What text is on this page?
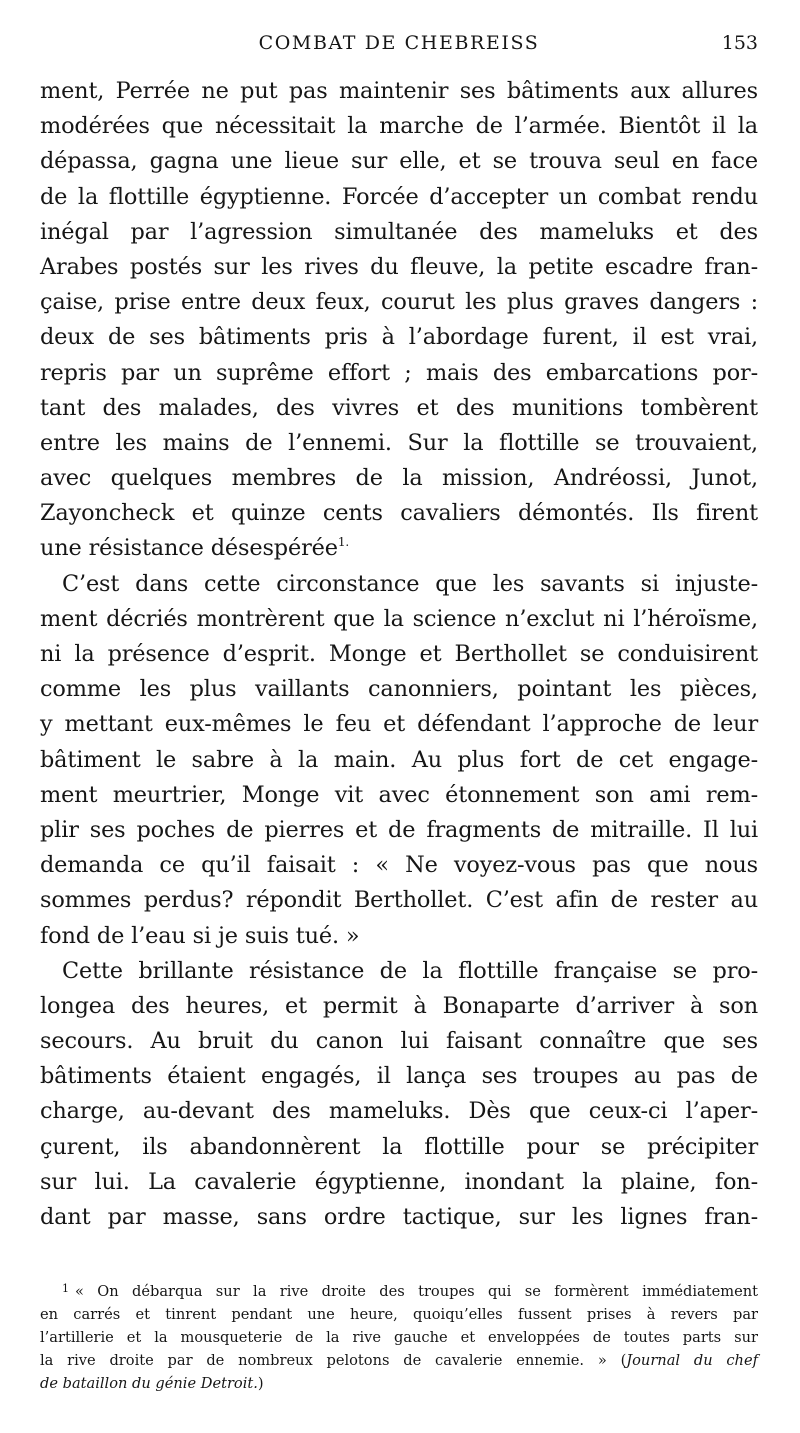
COMBAT DE CHEBREISS	153
ment, Perrée ne put pas maintenir ses bâtiments aux allures
modérées que nécessitait la marche de l’armée. Bientôt il la
dépassa, gagna une lieue sur elle, et se trouva seul en face
de la flottille égyptienne. Forcée d’accepter un combat rendu
inégal par l’agression simultanée des mameluks et des
Arabes postés sur les rives du fleuve, la petite escadre fran-
çaise, prise entre deux feux, courut les plus graves dangers :
deux de ses bâtiments pris à l’abordage furent, il est vrai,
repris par un suprême effort ; mais des embarcations por-
tant des malades, des vivres et des munitions tombèrent
entre les mains de l’ennemi. Sur la flottille se trouvaient,
avec quelques membres de la mission, Andréossi, Junot,
Zayoncheck et quinze cents cavaliers démontés. Ils firent
une résistance désespérée$^{1.}$
C’est dans cette circonstance que les savants si injuste-
ment décriés montrèrent que la science n’exclut ni l’héroïsme,
ni la présence d’esprit. Monge et Berthollet se conduisirent
comme les plus vaillants canonniers, pointant les pièces,
y mettant eux-mêmes le feu et défendant l’approche de leur
bâtiment le sabre à la main. Au plus fort de cet engage-
ment meurtrier, Monge vit avec étonnement son ami rem-
plir ses poches de pierres et de fragments de mitraille. Il lui
demanda ce qu’il faisait : « Ne voyez-vous pas que nous
sommes perdus? répondit Berthollet. C’est afin de rester au
fond de l’eau si je suis tué. »
Cette brillante résistance de la flottille française se pro-
longea des heures, et permit à Bonaparte d’arriver à son
secours. Au bruit du canon lui faisant connaître que ses
bâtiments étaient engagés, il lança ses troupes au pas de
charge, au-devant des mameluks. Dès que ceux-ci l’aper-
çurent, ils abandonnèrent la flottille pour se précipiter
sur lui. La cavalerie égyptienne, inondant la plaine, fon-
dant par masse, sans ordre tactique, sur les lignes fran-
$^1$ « On débarqua sur la rive droite des troupes qui se formèrent immédiatement
en carrés et tinrent pendant une heure, quoiqu’elles fussent prises à revers par
l’artillerie et la mousqueterie de la rive gauche et enveloppées de toutes parts sur
la rive droite par de nombreux pelotons de cavalerie ennemie. » (Journal du chef
de bataillon du génie Detroit.)
